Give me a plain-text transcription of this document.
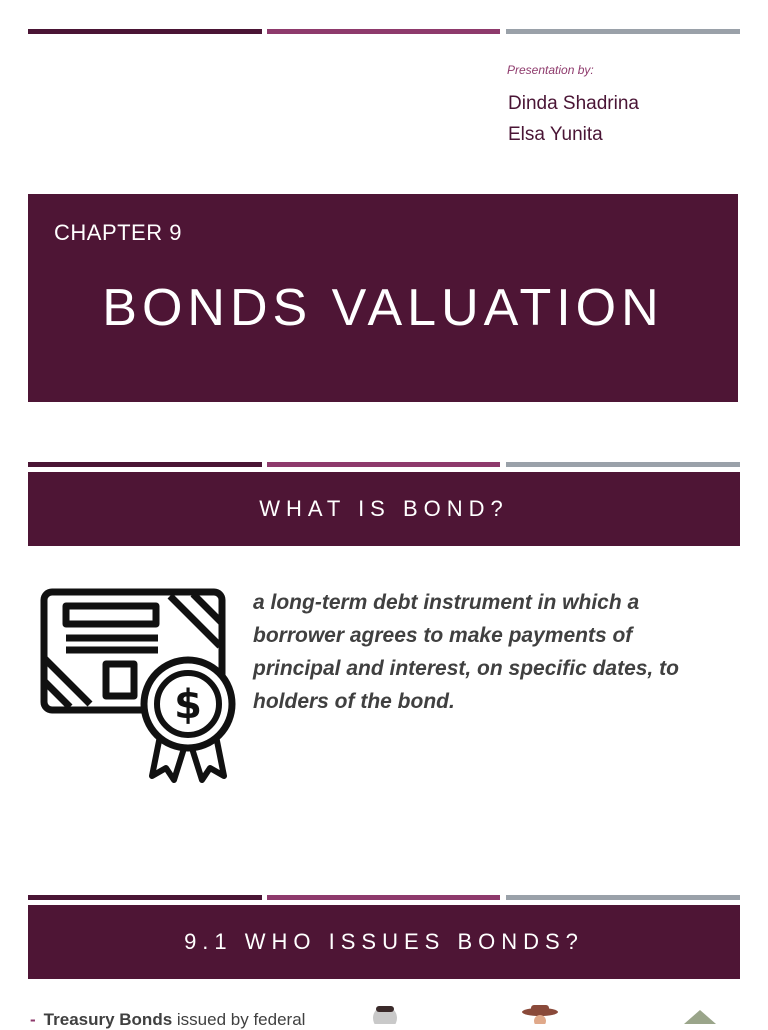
Presentation by:
Dinda Shadrina
Elsa Yunita
CHAPTER 9
BONDS VALUATION
WHAT IS BOND?
$
a long-term debt instrument in which a borrower agrees to make payments of principal and interest, on specific dates, to holders of the bond.
9.1 WHO ISSUES BONDS?
- Treasury Bonds issued by federal
